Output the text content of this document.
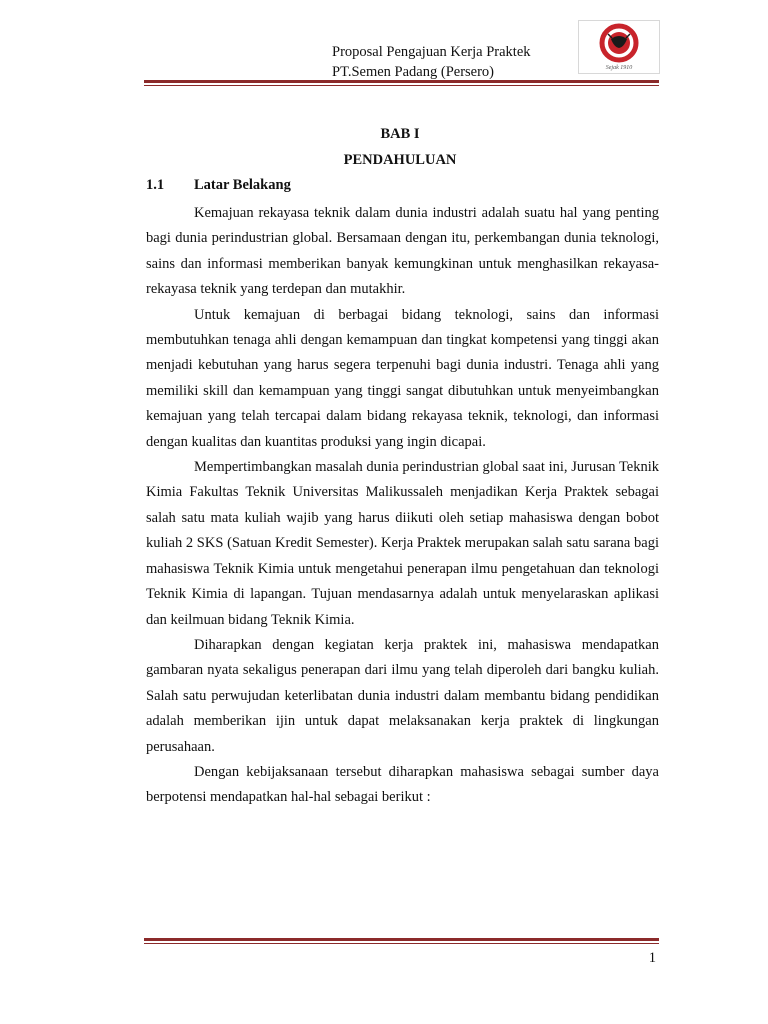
Proposal Pengajuan Kerja Praktek
PT.Semen Padang (Persero)	Sejak 1910
BAB I
PENDAHULUAN
1.1 Latar Belakang

Kemajuan rekayasa teknik dalam dunia industri adalah suatu hal yang penting bagi dunia perindustrian global. Bersamaan dengan itu, perkembangan dunia teknologi, sains dan informasi memberikan banyak kemungkinan untuk menghasilkan rekayasa-rekayasa teknik yang terdepan dan mutakhir.

Untuk kemajuan di berbagai bidang teknologi, sains dan informasi membutuhkan tenaga ahli dengan kemampuan dan tingkat kompetensi yang tinggi akan menjadi kebutuhan yang harus segera terpenuhi bagi dunia industri. Tenaga ahli yang memiliki skill dan kemampuan yang tinggi sangat dibutuhkan untuk menyeimbangkan kemajuan yang telah tercapai dalam bidang rekayasa teknik, teknologi, dan informasi dengan kualitas dan kuantitas produksi yang ingin dicapai.

Mempertimbangkan masalah dunia perindustrian global saat ini, Jurusan Teknik Kimia Fakultas Teknik Universitas Malikussaleh menjadikan Kerja Praktek sebagai salah satu mata kuliah wajib yang harus diikuti oleh setiap mahasiswa dengan bobot kuliah 2 SKS (Satuan Kredit Semester). Kerja Praktek merupakan salah satu sarana bagi mahasiswa Teknik Kimia untuk mengetahui penerapan ilmu pengetahuan dan teknologi Teknik Kimia di lapangan. Tujuan mendasarnya adalah untuk menyelaraskan aplikasi dan keilmuan bidang Teknik Kimia.

Diharapkan dengan kegiatan kerja praktek ini, mahasiswa mendapatkan gambaran nyata sekaligus penerapan dari ilmu yang telah diperoleh dari bangku kuliah. Salah satu perwujudan keterlibatan dunia industri dalam membantu bidang pendidikan adalah memberikan ijin untuk dapat melaksanakan kerja praktek di lingkungan perusahaan.

Dengan kebijaksanaan tersebut diharapkan mahasiswa sebagai sumber daya berpotensi mendapatkan hal-hal sebagai berikut :

1
